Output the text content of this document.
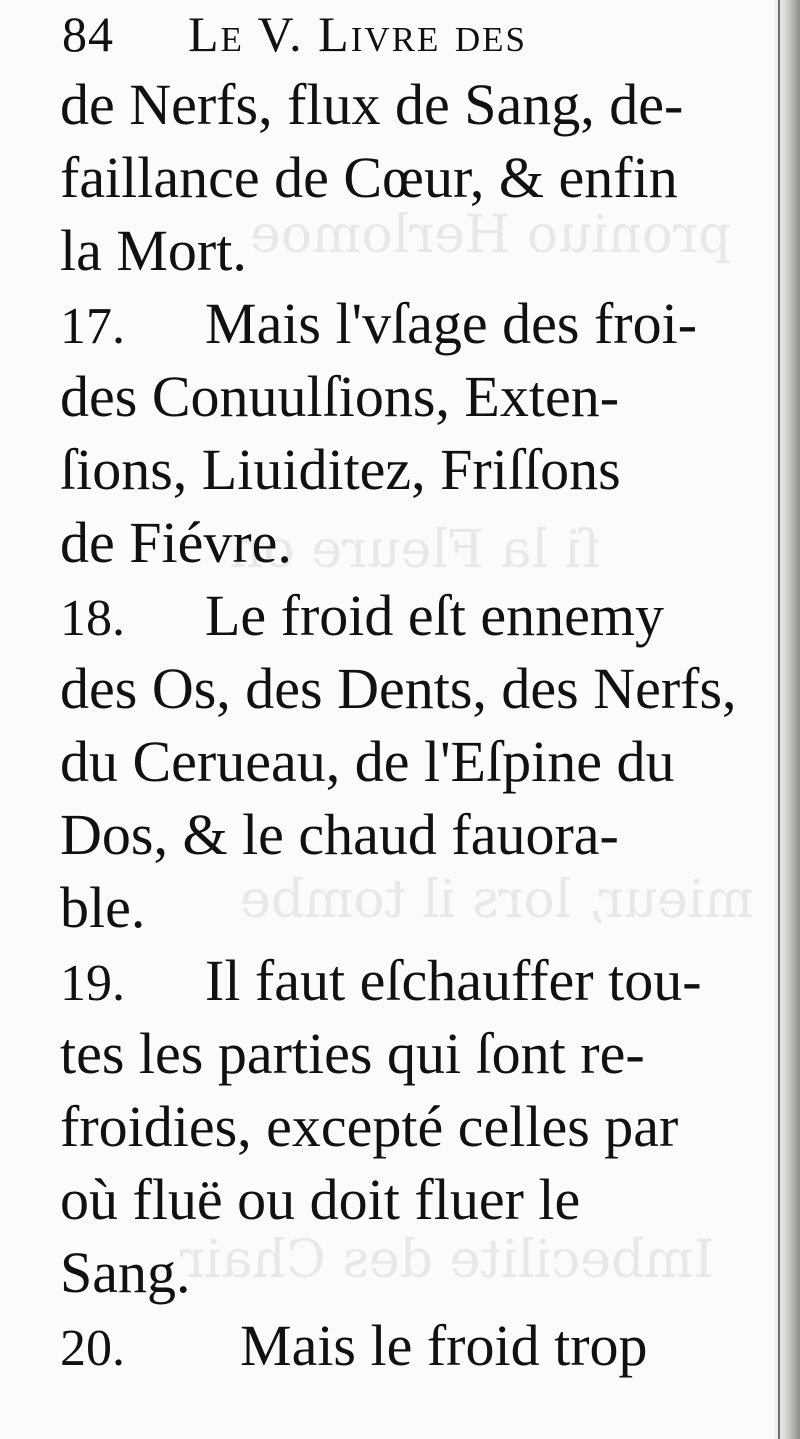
proniuo Herlomoe
ſi la Fleure on
mieur, lors il tombe
Imbecilite des Chair
84 Le V. Livre des
de Nerfs, flux de Sang, de-
faillance de Cœur, & enfin
la Mort.
17. Mais l'vſage des froi-
des Conuulſions, Exten-
ſions, Liuiditez, Friſſons
de Fiévre.
18. Le froid eſt ennemy
des Os, des Dents, des Nerfs,
du Cerueau, de l'Eſpine du
Dos, & le chaud fauora-
ble.
19. Il faut eſchauffer tou-
tes les parties qui ſont re-
froidies, excepté celles par
où fluë ou doit fluer le
Sang.
20. Mais le froid trop
